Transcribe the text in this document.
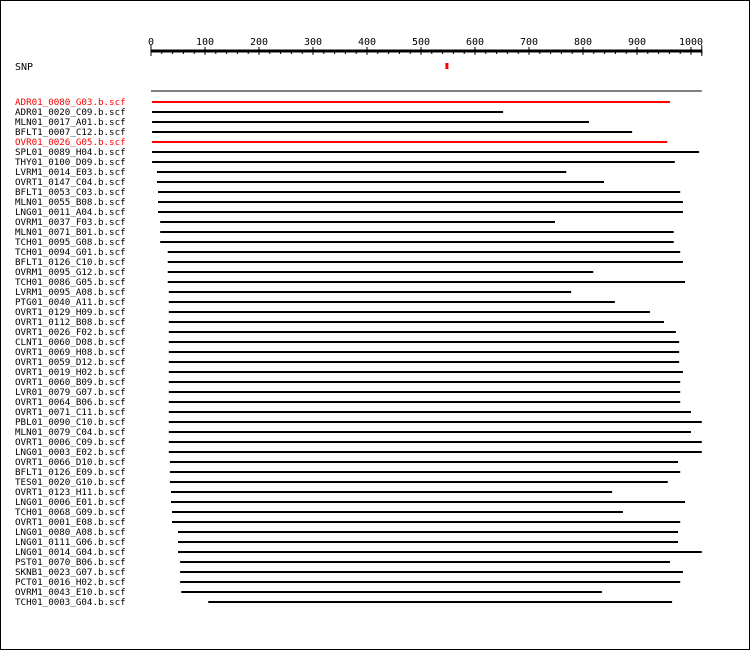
0	100	200	300	400	500	600	700	800	900	1000
SNP
ADR01_0080_G03.b.scf
ADR01_0020_C09.b.scf
MLN01_0017_A01.b.scf
BFLT1_0007_C12.b.scf
OVR01_0026_G05.b.scf
SPL01_0089_H04.b.scf
THY01_0100_D09.b.scf
LVRM1_0014_E03.b.scf
OVRT1_0147_C04.b.scf
BFLT1_0053_C03.b.scf
MLN01_0055_B08.b.scf
LNG01_0011_A04.b.scf
OVRM1_0037_F03.b.scf
MLN01_0071_B01.b.scf
TCH01_0095_G08.b.scf
TCH01_0094_G01.b.scf
BFLT1_0126_C10.b.scf
OVRM1_0095_G12.b.scf
TCH01_0086_G05.b.scf
LVRM1_0095_A08.b.scf
PTG01_0040_A11.b.scf
OVRT1_0129_H09.b.scf
OVRT1_0112_B08.b.scf
OVRT1_0026_F02.b.scf
CLNT1_0060_D08.b.scf
OVRT1_0069_H08.b.scf
OVRT1_0059_D12.b.scf
OVRT1_0019_H02.b.scf
OVRT1_0060_B09.b.scf
LVR01_0079_G07.b.scf
OVRT1_0064_B06.b.scf
OVRT1_0071_C11.b.scf
PBL01_0090_C10.b.scf
MLN01_0079_C04.b.scf
OVRT1_0006_C09.b.scf
LNG01_0003_E02.b.scf
OVRT1_0066_D10.b.scf
BFLT1_0126_E09.b.scf
TES01_0020_G10.b.scf
OVRT1_0123_H11.b.scf
LNG01_0006_E01.b.scf
TCH01_0068_G09.b.scf
OVRT1_0001_E08.b.scf
LNG01_0080_A08.b.scf
LNG01_0111_G06.b.scf
LNG01_0014_G04.b.scf
PST01_0070_B06.b.scf
SKNB1_0023_G07.b.scf
PCT01_0016_H02.b.scf
OVRM1_0043_E10.b.scf
TCH01_0003_G04.b.scf
